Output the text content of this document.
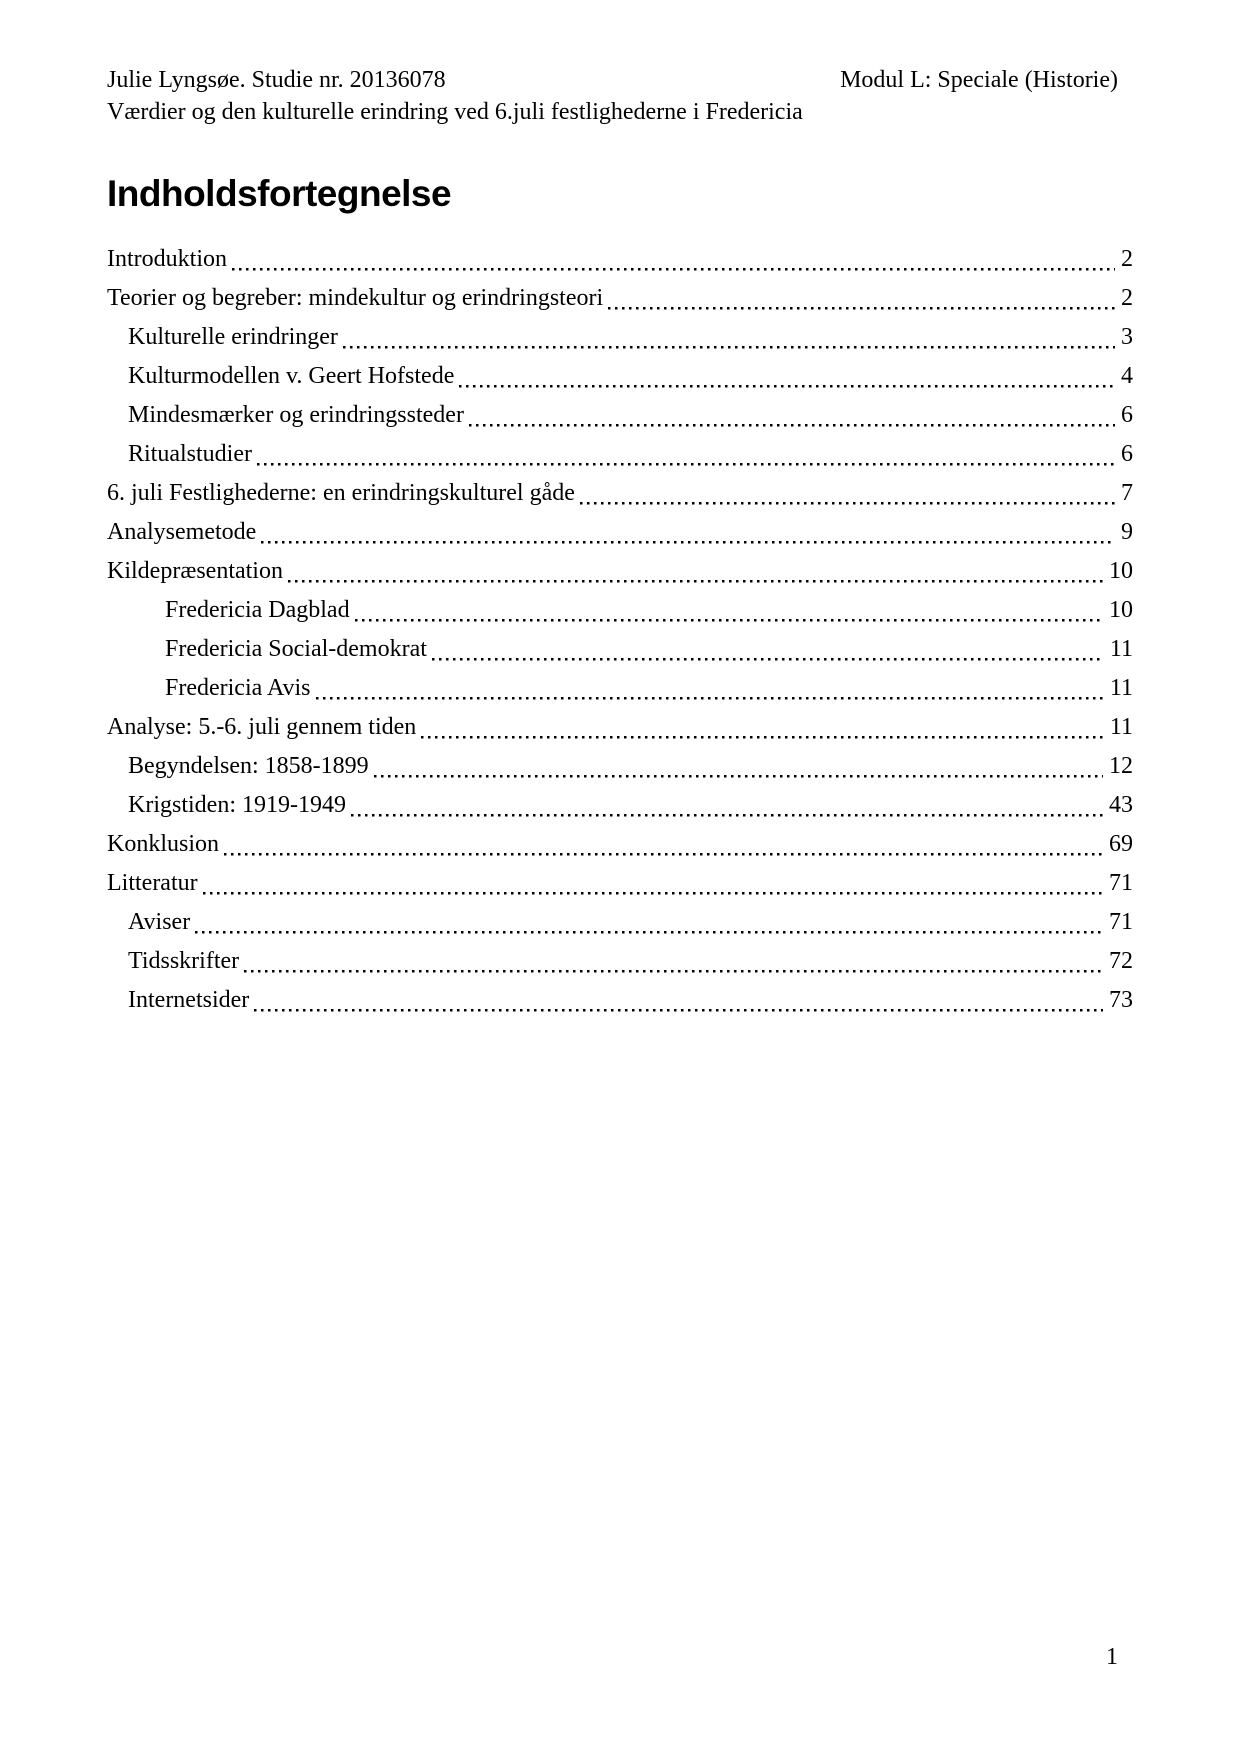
Julie Lyngsøe. Studie nr. 20136078	Modul L: Speciale (Historie)
Værdier og den kulturelle erindring ved 6.juli festlighederne i Fredericia
Indholdsfortegnelse
Introduktion	2
Teorier og begreber: mindekultur og erindringsteori	2
Kulturelle erindringer	3
Kulturmodellen v. Geert Hofstede	4
Mindesmærker og erindringssteder	6
Ritualstudier	6
6. juli Festlighederne: en erindringskulturel gåde	7
Analysemetode	9
Kildepræsentation	10
Fredericia Dagblad	10
Fredericia Social-demokrat	11
Fredericia Avis	11
Analyse: 5.-6. juli gennem tiden	11
Begyndelsen: 1858-1899	12
Krigstiden: 1919-1949	43
Konklusion	69
Litteratur	71
Aviser	71
Tidsskrifter	72
Internetsider	73
1
